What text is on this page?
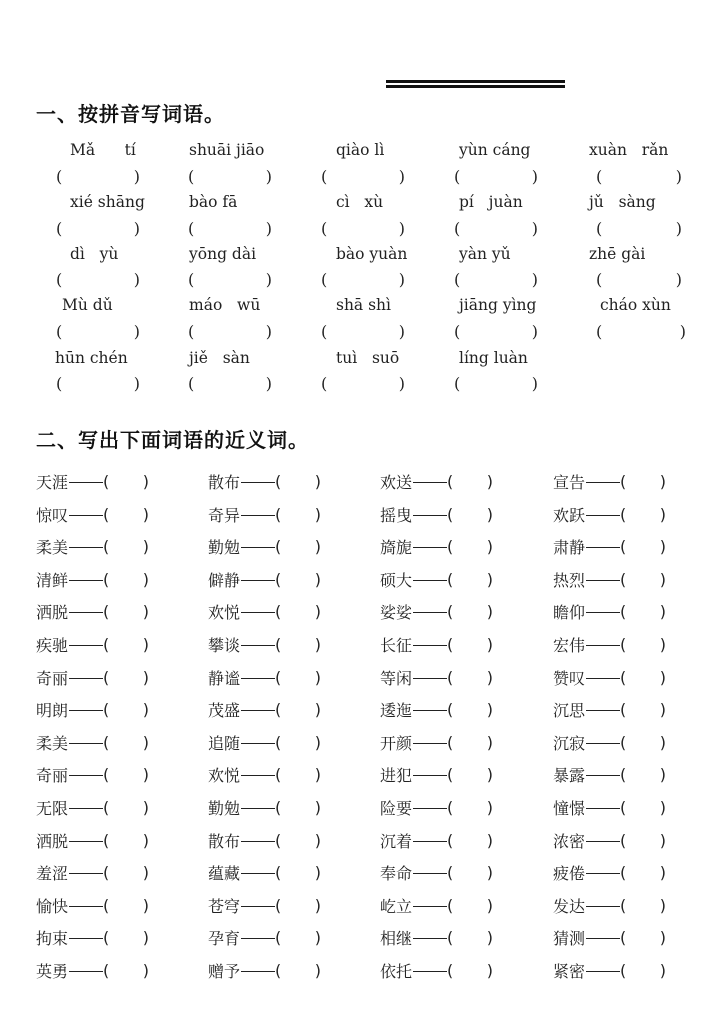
一、按拼音写词语。
Mǎ      tí	shuāi jiāo	qiào lì	yùn cáng	xuàn   rǎn
(	)	(	)	(	)	(	)	(	)
xié shāng	bào fā	cì   xù	pí   juàn	jǔ   sàng
(	)	(	)	(	)	(	)	(	)
dì   yù	yōng dài	bào yuàn	yàn yǔ	zhē gài
(	)	(	)	(	)	(	)	(	)
Mù dǔ	máo   wū	shā shì	jiāng yìng	cháo xùn
(	)	(	)	(	)	(	)	(	)
hūn chén	jiě   sàn	tuì   suō	líng luàn
(	)	(	)	(	)	(	)
二、写出下面词语的近义词。
天涯 ( )	散布 ( )	欢送 ( )	宣告 ( )
惊叹 ( )	奇异 ( )	摇曳 ( )	欢跃 ( )
柔美 ( )	勤勉 ( )	旖旎 ( )	肃静 ( )
清鲜 ( )	僻静 ( )	硕大 ( )	热烈 ( )
洒脱 ( )	欢悦 ( )	娑娑 ( )	瞻仰 ( )
疾驰 ( )	攀谈 ( )	长征 ( )	宏伟 ( )
奇丽 ( )	静谧 ( )	等闲 ( )	赞叹 ( )
明朗 ( )	茂盛 ( )	逶迤 ( )	沉思 ( )
柔美 ( )	追随 ( )	开颜 ( )	沉寂 ( )
奇丽 ( )	欢悦 ( )	进犯 ( )	暴露 ( )
无限 ( )	勤勉 ( )	险要 ( )	憧憬 ( )
洒脱 ( )	散布 ( )	沉着 ( )	浓密 ( )
羞涩 ( )	蕴藏 ( )	奉命 ( )	疲倦 ( )
愉快 ( )	苍穹 ( )	屹立 ( )	发达 ( )
拘束 ( )	孕育 ( )	相继 ( )	猜测 ( )
英勇 ( )	赠予 ( )	依托 ( )	紧密 ( )
